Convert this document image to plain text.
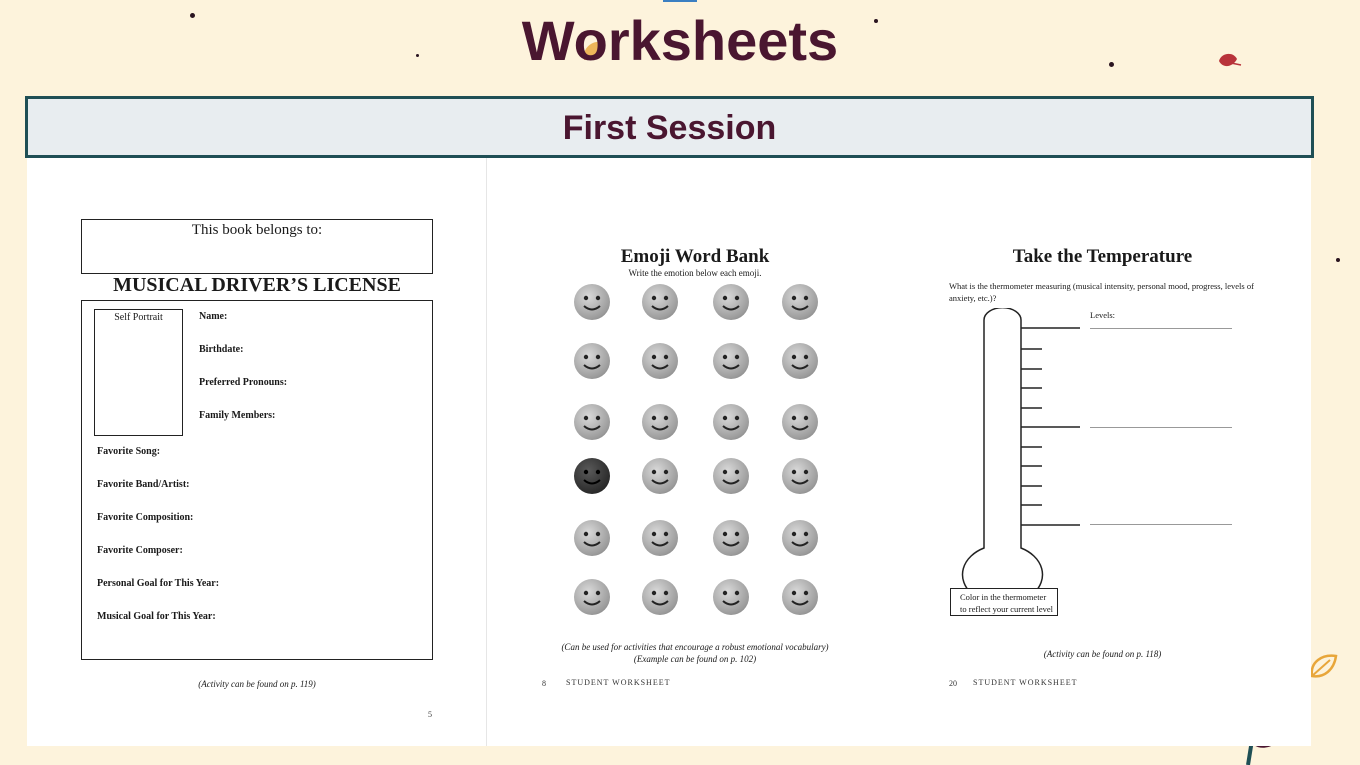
Worksheets
First Session
This book belongs to:
MUSICAL DRIVER’S LICENSE
Self Portrait	Name:
Birthdate:
Preferred Pronouns:
Family Members:
Favorite Song:
Favorite Band/Artist:
Favorite Composition:
Favorite Composer:
Personal Goal for This Year:
Musical Goal for This Year:
(Activity can be found on p. 119)
5
Emoji Word Bank
Write the emotion below each emoji.
(Can be used for activities that encourage a robust emotional vocabulary)
(Example can be found on p. 102)
8	STUDENT WORKSHEET
Take the Temperature
What is the thermometer measuring (musical intensity, personal mood, progress, levels of anxiety, etc.)?
Levels:
Color in the thermometer
to reflect your current level
(Activity can be found on p. 118)
20 STUDENT WORKSHEET
